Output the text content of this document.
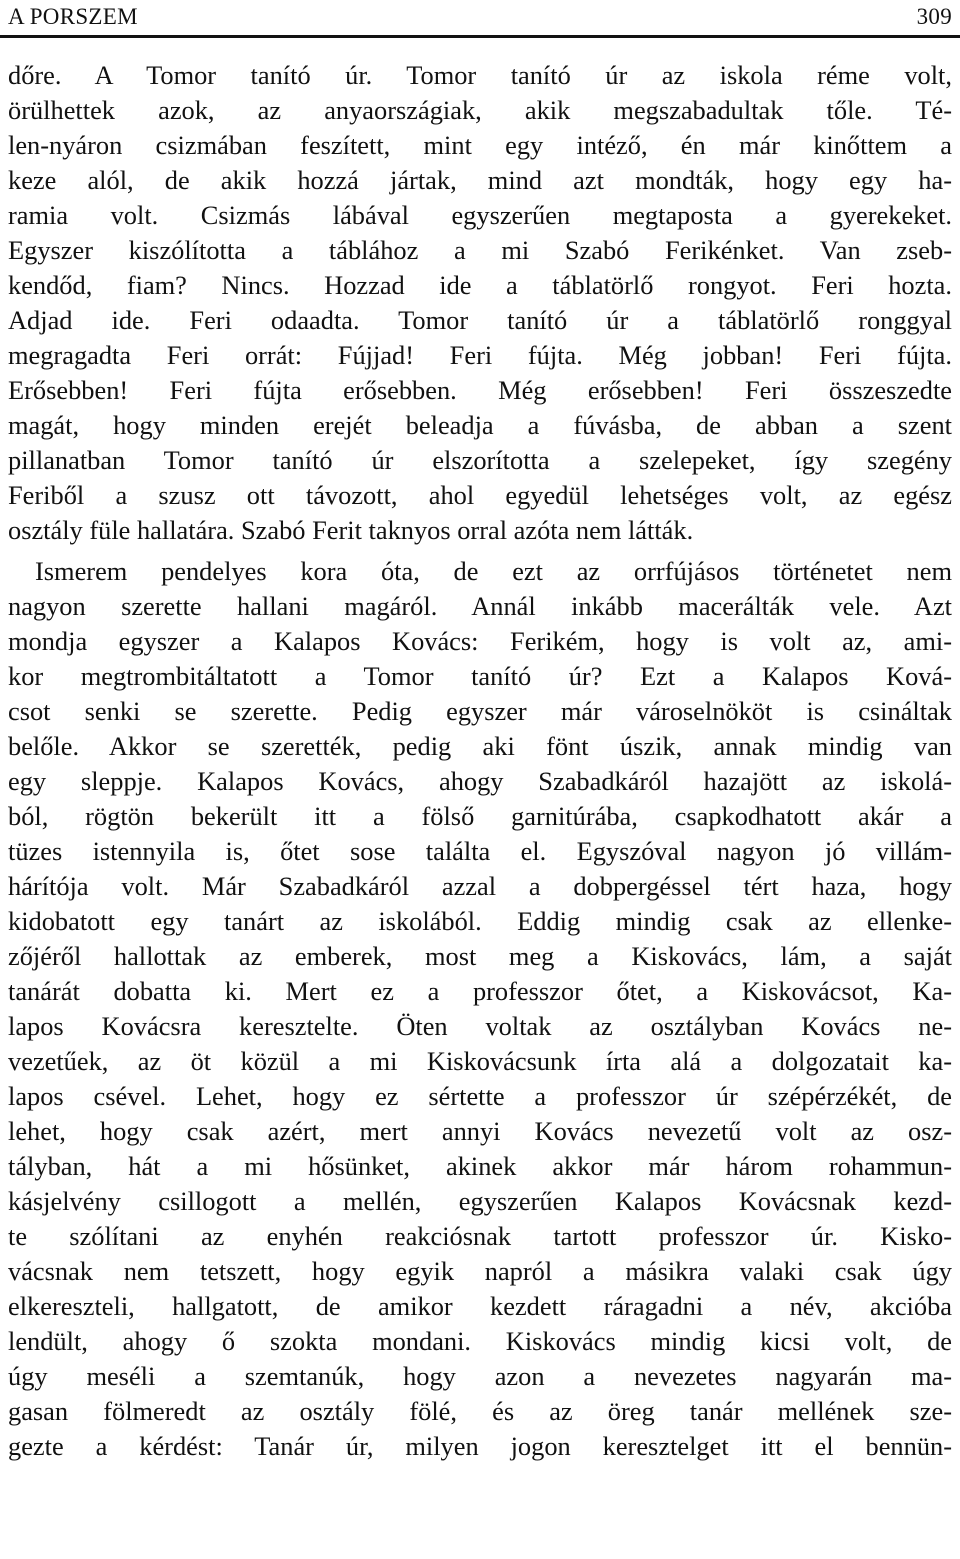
A PORSZEM	309
dőre. A Tomor tanító úr. Tomor tanító úr az iskola réme volt,
örülhettek azok, az anyaországiak, akik megszabadultak tőle. Té-
len-nyáron csizmában feszített, mint egy intéző, én már kinőttem a
keze alól, de akik hozzá jártak, mind azt mondták, hogy egy ha-
ramia volt. Csizmás lábával egyszerűen megtaposta a gyerekeket.
Egyszer kiszólította a táblához a mi Szabó Ferikénket. Van zseb-
kendőd, fiam? Nincs. Hozzad ide a táblatörlő rongyot. Feri hozta.
Adjad ide. Feri odaadta. Tomor tanító úr a táblatörlő ronggyal
megragadta Feri orrát: Fújjad! Feri fújta. Még jobban! Feri fújta.
Erősebben! Feri fújta erősebben. Még erősebben! Feri összeszedte
magát, hogy minden erejét beleadja a fúvásba, de abban a szent
pillanatban Tomor tanító úr elszorította a szelepeket, így szegény
Feriből a szusz ott távozott, ahol egyedül lehetséges volt, az egész
osztály füle hallatára. Szabó Ferit taknyos orral azóta nem látták.
Ismerem pendelyes kora óta, de ezt az orrfújásos történetet nem
nagyon szerette hallani magáról. Annál inkább macerálták vele. Azt
mondja egyszer a Kalapos Kovács: Ferikém, hogy is volt az, ami-
kor megtrombitáltatott a Tomor tanító úr? Ezt a Kalapos Ková-
csot senki se szerette. Pedig egyszer már városelnököt is csináltak
belőle. Akkor se szerették, pedig aki fönt úszik, annak mindig van
egy sleppje. Kalapos Kovács, ahogy Szabadkáról hazajött az iskolá-
ból, rögtön bekerült itt a fölső garnitúrába, csapkodhatott akár a
tüzes istennyila is, őtet sose találta el. Egyszóval nagyon jó villám-
hárítója volt. Már Szabadkáról azzal a dobpergéssel tért haza, hogy
kidobatott egy tanárt az iskolából. Eddig mindig csak az ellenke-
zőjéről hallottak az emberek, most meg a Kiskovács, lám, a saját
tanárát dobatta ki. Mert ez a professzor őtet, a Kiskovácsot, Ka-
lapos Kovácsra keresztelte. Öten voltak az osztályban Kovács ne-
vezetűek, az öt közül a mi Kiskovácsunk írta alá a dolgozatait ka-
lapos csével. Lehet, hogy ez sértette a professzor úr szépérzékét, de
lehet, hogy csak azért, mert annyi Kovács nevezetű volt az osz-
tályban, hát a mi hősünket, akinek akkor már három rohammun-
kásjelvény csillogott a mellén, egyszerűen Kalapos Kovácsnak kezd-
te szólítani az enyhén reakciósnak tartott professzor úr. Kisko-
vácsnak nem tetszett, hogy egyik napról a másikra valaki csak úgy
elkereszteli, hallgatott, de amikor kezdett ráragadni a név, akcióba
lendült, ahogy ő szokta mondani. Kiskovács mindig kicsi volt, de
úgy meséli a szemtanúk, hogy azon a nevezetes nagyarán ma-
gasan fölmeredt az osztály fölé, és az öreg tanár mellének sze-
gezte a kérdést: Tanár úr, milyen jogon keresztelget itt el bennün-
